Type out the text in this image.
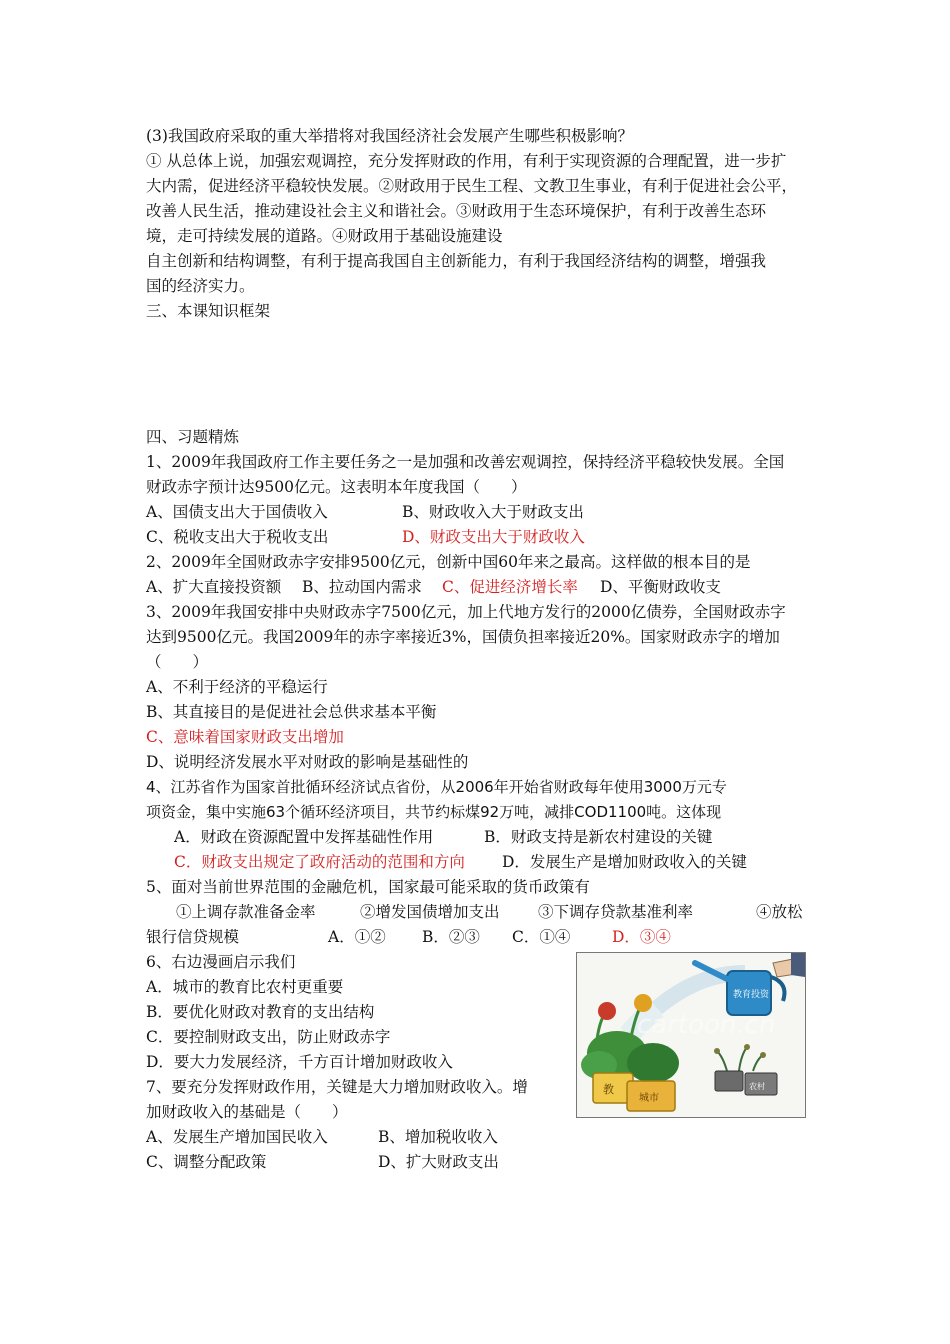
(3)我国政府采取的重大举措将对我国经济社会发展产生哪些积极影响？
① 从总体上说，加强宏观调控，充分发挥财政的作用，有利于实现资源的合理配置，进一步扩
大内需，促进经济平稳较快发展。②财政用于民生工程、文教卫生事业，有利于促进社会公平，
改善人民生活，推动建设社会主义和谐社会。③财政用于生态环境保护，有利于改善生态环
境，走可持续发展的道路。④财政用于基础设施建设
自主创新和结构调整，有利于提高我国自主创新能力，有利于我国经济结构的调整，增强我
国的经济实力。
三、本课知识框架
四、习题精炼
1、2009年我国政府工作主要任务之一是加强和改善宏观调控，保持经济平稳较快发展。全国
财政赤字预计达9500亿元。这表明本年度我国（　　）
A、国债支出大于国债收入	B、财政收入大于财政支出
C、税收支出大于税收支出	D、财政支出大于财政收入
2、2009年全国财政赤字安排9500亿元，创新中国60年来之最高。这样做的根本目的是
A、扩大直接投资额 B、拉动国内需求 C、促进经济增长率 D、平衡财政收支
3、2009年我国安排中央财政赤字7500亿元，加上代地方发行的2000亿债券，全国财政赤字
达到9500亿元。我国2009年的赤字率接近3%，国债负担率接近20%。国家财政赤字的增加
（　　）
A、不利于经济的平稳运行
B、其直接目的是促进社会总供求基本平衡
C、意味着国家财政支出增加
D、说明经济发展水平对财政的影响是基础性的
4、江苏省作为国家首批循环经济试点省份，从2006年开始省财政每年使用3000万元专
项资金，集中实施63个循环经济项目，共节约标煤92万吨，减排COD1100吨。这体现
A．财政在资源配置中发挥基础性作用	B．财政支持是新农村建设的关键
C．财政支出规定了政府活动的范围和方向 D．发展生产是增加财政收入的关键
5、面对当前世界范围的金融危机，国家最可能采取的货币政策有
①上调存款准备金率	②增发国债增加支出 ③下调存贷款基准利率	④放松
银行信贷规模	A．①② B．②③ C．①④	D．③④
6、右边漫画启示我们
A．城市的教育比农村更重要
B．要优化财政对教育的支出结构
C．要控制财政支出，防止财政赤字
D．要大力发展经济，千方百计增加财政收入
7、要充分发挥财政作用，关键是大力增加财政收入。增
加财政收入的基础是（　　）
A、发展生产增加国民收入	B、增加税收收入
C、调整分配政策	D、扩大财政支出
教育投资
教
城市
农村
cartoon.cn
